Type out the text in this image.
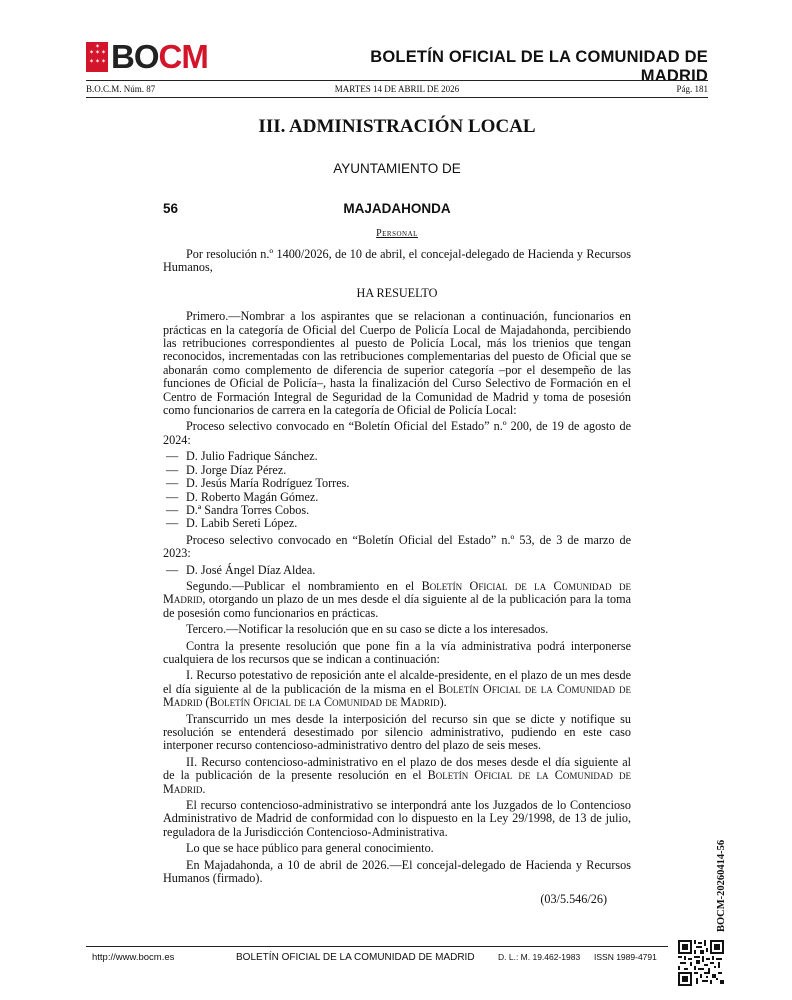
✶ ✶ ✶
✶ ✶ ✶
✶ BOCM	BOLETÍN OFICIAL DE LA COMUNIDAD DE MADRID
B.O.C.M. Núm. 87	MARTES 14 DE ABRIL DE 2026	Pág. 181
III. ADMINISTRACIÓN LOCAL
AYUNTAMIENTO DE
56	MAJADAHONDA
Personal

Por resolución n.º 1400/2026, de 10 de abril, el concejal-delegado de Hacienda y Recursos Humanos,

HA RESUELTO

Primero.—Nombrar a los aspirantes que se relacionan a continuación, funcionarios en prácticas en la categoría de Oficial del Cuerpo de Policía Local de Majadahonda, percibiendo las retribuciones correspondientes al puesto de Policía Local, más los trienios que tengan reconocidos, incrementadas con las retribuciones complementarias del puesto de Oficial que se abonarán como complemento de diferencia de superior categoría –por el desempeño de las funciones de Oficial de Policía–, hasta la finalización del Curso Selectivo de Formación en el Centro de Formación Integral de Seguridad de la Comunidad de Madrid y toma de posesión como funcionarios de carrera en la categoría de Oficial de Policía Local:

Proceso selectivo convocado en “Boletín Oficial del Estado” n.º 200, de 19 de agosto de 2024:

— D. Julio Fadrique Sánchez.

— D. Jorge Díaz Pérez.

— D. Jesús María Rodríguez Torres.

— D. Roberto Magán Gómez.

— D.ª Sandra Torres Cobos.

— D. Labib Sereti López.

Proceso selectivo convocado en “Boletín Oficial del Estado” n.º 53, de 3 de marzo de 2023:

— D. José Ángel Díaz Aldea.

Segundo.—Publicar el nombramiento en el Boletín Oficial de la Comunidad de Madrid, otorgando un plazo de un mes desde el día siguiente al de la publicación para la toma de posesión como funcionarios en prácticas.

Tercero.—Notificar la resolución que en su caso se dicte a los interesados.

Contra la presente resolución que pone fin a la vía administrativa podrá interponerse cualquiera de los recursos que se indican a continuación:

I. Recurso potestativo de reposición ante el alcalde-presidente, en el plazo de un mes desde el día siguiente al de la publicación de la misma en el Boletín Oficial de la Comunidad de Madrid (Boletín Oficial de la Comunidad de Madrid).

Transcurrido un mes desde la interposición del recurso sin que se dicte y notifique su resolución se entenderá desestimado por silencio administrativo, pudiendo en este caso interponer recurso contencioso-administrativo dentro del plazo de seis meses.

II. Recurso contencioso-administrativo en el plazo de dos meses desde el día siguiente al de la publicación de la presente resolución en el Boletín Oficial de la Comunidad de Madrid.

El recurso contencioso-administrativo se interpondrá ante los Juzgados de lo Contencioso Administrativo de Madrid de conformidad con lo dispuesto en la Ley 29/1998, de 13 de julio, reguladora de la Jurisdicción Contencioso-Administrativa.

Lo que se hace público para general conocimiento.

En Majadahonda, a 10 de abril de 2026.—El concejal-delegado de Hacienda y Recursos Humanos (firmado).

(03/5.546/26)	BOCM-20260414-56
http://www.bocm.es	BOLETÍN OFICIAL DE LA COMUNIDAD DE MADRID	D. L.: M. 19.462-1983 ISSN 1989-4791
